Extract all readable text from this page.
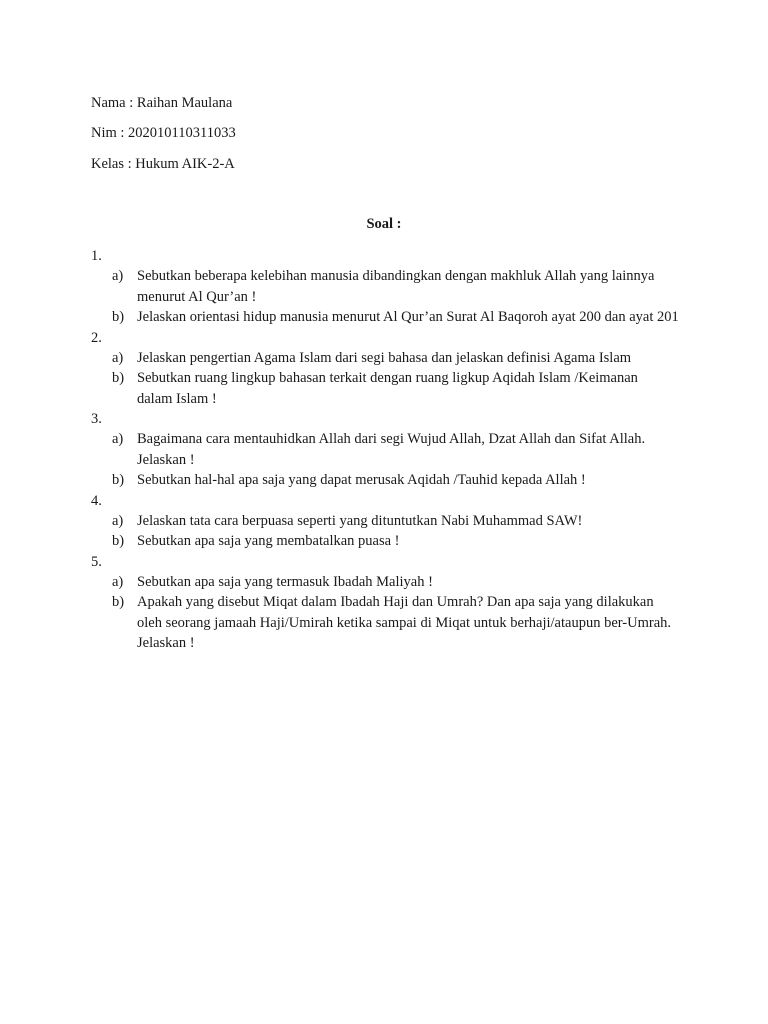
Nama : Raihan Maulana
Nim : 202010110311033
Kelas : Hukum AIK-2-A
Soal :
1.
a) Sebutkan beberapa kelebihan manusia dibandingkan dengan makhluk Allah yang lainnya menurut Al Qur’an !
b) Jelaskan orientasi hidup manusia menurut Al Qur’an Surat Al Baqoroh ayat 200 dan ayat 201
2.
a) Jelaskan pengertian Agama Islam dari segi bahasa dan jelaskan definisi Agama Islam
b) Sebutkan ruang lingkup bahasan terkait dengan ruang ligkup Aqidah Islam /Keimanan dalam Islam !
3.
a) Bagaimana cara mentauhidkan Allah dari segi Wujud Allah, Dzat Allah dan Sifat Allah. Jelaskan !
b) Sebutkan hal-hal apa saja yang dapat merusak Aqidah /Tauhid kepada Allah !
4.
a) Jelaskan tata cara berpuasa seperti yang dituntutkan Nabi Muhammad SAW!
b) Sebutkan apa saja yang membatalkan puasa !
5.
a) Sebutkan apa saja yang termasuk Ibadah Maliyah !
b) Apakah yang disebut Miqat dalam Ibadah Haji dan Umrah? Dan apa saja yang dilakukan oleh seorang jamaah Haji/Umirah ketika sampai di Miqat untuk berhaji/ataupun ber-Umrah. Jelaskan !
